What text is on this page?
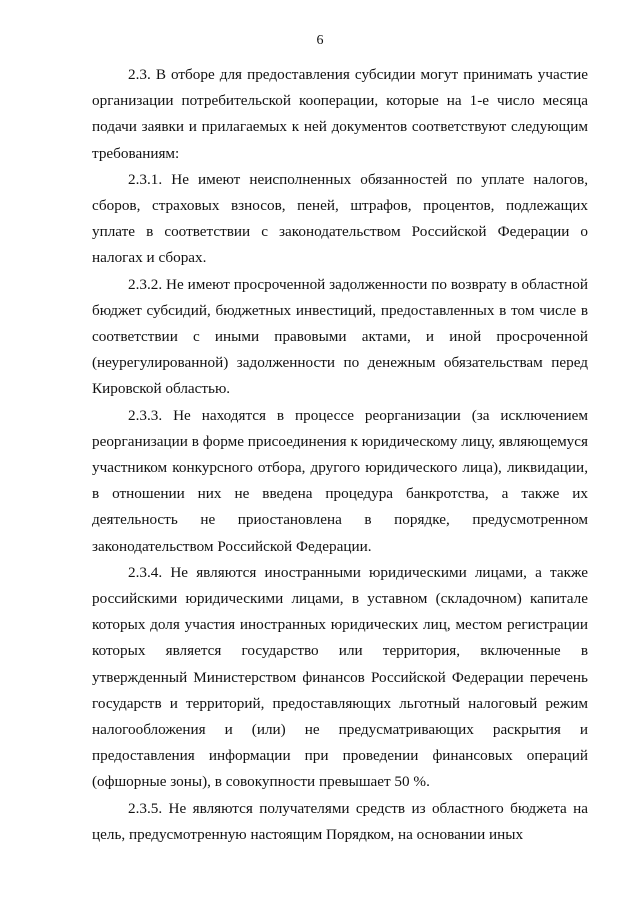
6

2.3. В отборе для предоставления субсидии могут принимать участие организации потребительской кооперации, которые на 1-е число месяца подачи заявки и прилагаемых к ней документов соответствуют следующим требованиям:

2.3.1. Не имеют неисполненных обязанностей по уплате налогов, сборов, страховых взносов, пеней, штрафов, процентов, подлежащих уплате в соответствии с законодательством Российской Федерации о налогах и сборах.

2.3.2. Не имеют просроченной задолженности по возврату в областной бюджет субсидий, бюджетных инвестиций, предоставленных в том числе в соответствии с иными правовыми актами, и иной просроченной (неурегулированной) задолженности по денежным обязательствам перед Кировской областью.

2.3.3. Не находятся в процессе реорганизации (за исключением реорганизации в форме присоединения к юридическому лицу, являющемуся участником конкурсного отбора, другого юридического лица), ликвидации, в отношении них не введена процедура банкротства, а также их деятельность не приостановлена в порядке, предусмотренном законодательством Российской Федерации.

2.3.4. Не являются иностранными юридическими лицами, а также российскими юридическими лицами, в уставном (складочном) капитале которых доля участия иностранных юридических лиц, местом регистрации которых является государство или территория, включенные в утвержденный Министерством финансов Российской Федерации перечень государств и территорий, предоставляющих льготный налоговый режим налогообложения и (или) не предусматривающих раскрытия и предоставления информации при проведении финансовых операций (офшорные зоны), в совокупности превышает 50 %.

2.3.5. Не являются получателями средств из областного бюджета на цель, предусмотренную настоящим Порядком, на основании иных
